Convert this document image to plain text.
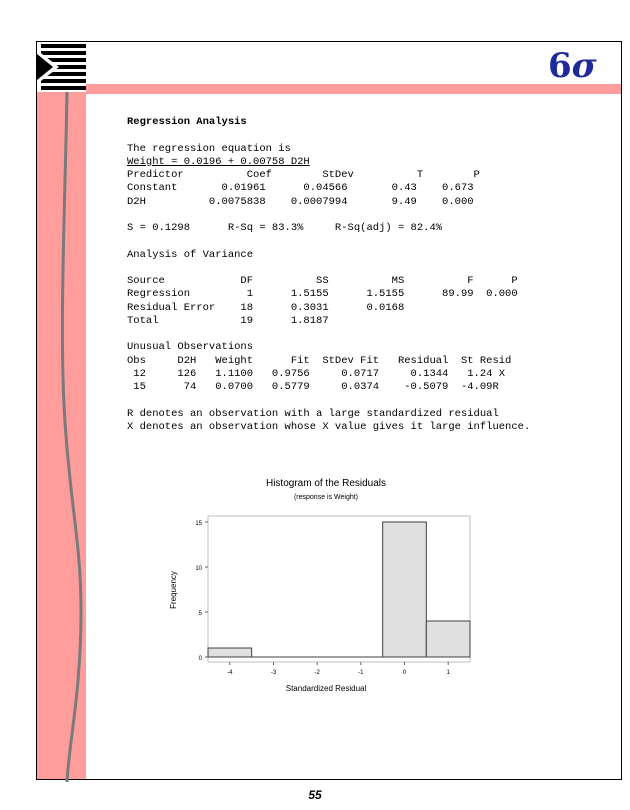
6σ
Regression Analysis

The regression equation is
Weight = 0.0196 + 0.00758 D2H
Predictor          Coef        StDev          T        P
Constant       0.01961      0.04566       0.43    0.673
D2H          0.0075838    0.0007994       9.49    0.000

S = 0.1298      R-Sq = 83.3%     R-Sq(adj) = 82.4%

Analysis of Variance

Source            DF          SS          MS          F      P
Regression         1      1.5155      1.5155      89.99  0.000
Residual Error    18      0.3031      0.0168
Total             19      1.8187

Unusual Observations
Obs     D2H   Weight      Fit  StDev Fit   Residual  St Resid
12     126   1.1100   0.9756     0.0717     0.1344   1.24 X
15      74   0.0700   0.5779     0.0374    -0.5079  -4.09R

R denotes an observation with a large standardized residual
X denotes an observation whose X value gives it large influence.
Histogram of the Residuals
(response is Weight)
Frequency
Standardized Residual
0
5
10
15
-4	-3	-2	-1	0	1
55
